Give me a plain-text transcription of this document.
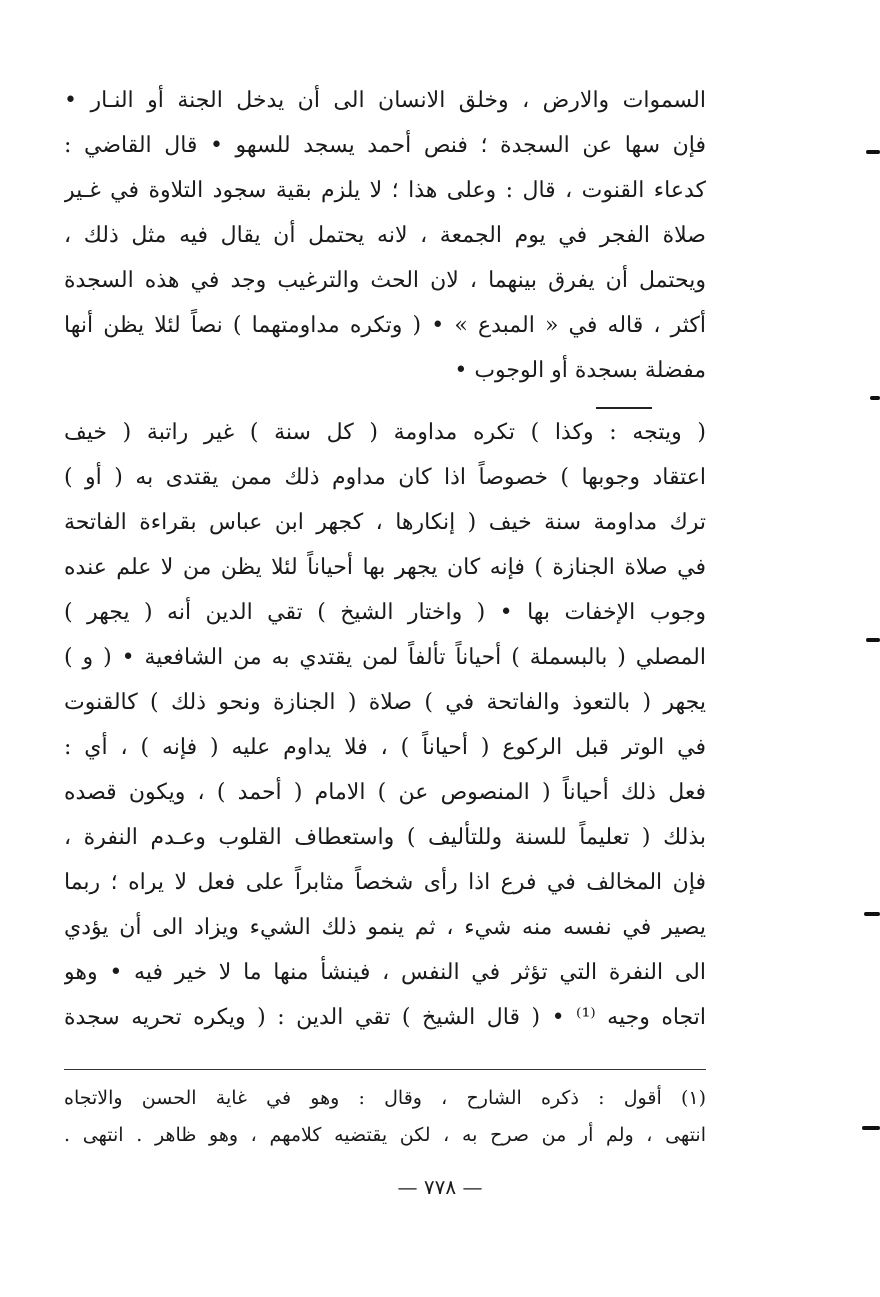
السموات والارض ، وخلق الانسان الى أن يدخل الجنة أو النـار •
فإن سها عن السجدة ؛ فنص أحمد يسجد للسهو • قال القاضي :
كدعاء القنوت ، قال : وعلى هذا ؛ لا يلزم بقية سجود التلاوة في غـير
صلاة الفجر في يوم الجمعة ، لانه يحتمل أن يقال فيه مثل ذلك ،
ويحتمل أن يفرق بينهما ، لان الحث والترغيب وجد في هذه السجدة
أكثر ، قاله في « المبدع » • ( وتكره مداومتهما ) نصاً لئلا يظن أنها
مفضلة بسجدة أو الوجوب •
( ويتجه : وكذا ) تكره مداومة ( كل سنة ) غير راتبة ( خيف
اعتقاد وجوبها ) خصوصاً اذا كان مداوم ذلك ممن يقتدى به ( أو )
ترك مداومة سنة خيف ( إنكارها ، كجهر ابن عباس بقراءة الفاتحة
في صلاة الجنازة ) فإنه كان يجهر بها أحياناً لئلا يظن من لا علم عنده
وجوب الإخفات بها • ( واختار الشيخ ) تقي الدين أنه ( يجهر )
المصلي ( بالبسملة ) أحياناً تألفاً لمن يقتدي به من الشافعية • ( و )
يجهر ( بالتعوذ والفاتحة في ) صلاة ( الجنازة ونحو ذلك ) كالقنوت
في الوتر قبل الركوع ( أحياناً ) ، فلا يداوم عليه ( فإنه ) ، أي :
فعل ذلك أحياناً ( المنصوص عن ) الامام ( أحمد ) ، ويكون قصده
بذلك ( تعليماً للسنة وللتأليف ) واستعطاف القلوب وعـدم النفرة ،
فإن المخالف في فرع اذا رأى شخصاً مثابراً على فعل لا يراه ؛ ربما
يصير في نفسه منه شيء ، ثم ينمو ذلك الشيء ويزاد الى أن يؤدي
الى النفرة التي تؤثر في النفس ، فينشأ منها ما لا خير فيه • وهو
اتجاه وجيه ⁽¹⁾ • ( قال الشيخ ) تقي الدين : ( ويكره تحريه سجدة
(١) أقول : ذكره الشارح ، وقال : وهو في غاية الحسن والاتجاه
انتهى ، ولم أر من صرح به ، لكن يقتضيه كلامهم ، وهو ظاهر . انتهى .
— ٧٧٨ —
